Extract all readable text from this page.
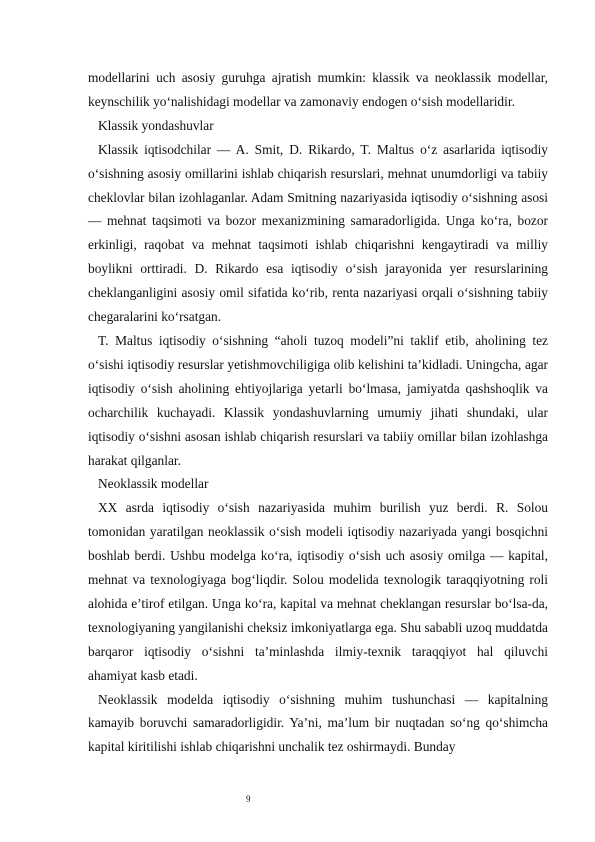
modellarini uch asosiy guruhga ajratish mumkin: klassik va neoklassik modellar, keynschilik yo‘nalishidagi modellar va zamonaviy endogen o‘sish modellaridir.

Klassik yondashuvlar

Klassik iqtisodchilar — A. Smit, D. Rikardo, T. Maltus o‘z asarlarida iqtisodiy o‘sishning asosiy omillarini ishlab chiqarish resurslari, mehnat unumdorligi va tabiiy cheklovlar bilan izohlaganlar. Adam Smitning nazariyasida iqtisodiy o‘sishning asosi — mehnat taqsimoti va bozor mexanizmining samaradorligida. Unga ko‘ra, bozor erkinligi, raqobat va mehnat taqsimoti ishlab chiqarishni kengaytiradi va milliy boylikni orttiradi. D. Rikardo esa iqtisodiy o‘sish jarayonida yer resurslarining cheklanganligini asosiy omil sifatida ko‘rib, renta nazariyasi orqali o‘sishning tabiiy chegaralarini ko‘rsatgan.

T. Maltus iqtisodiy o‘sishning “aholi tuzoq modeli”ni taklif etib, aholining tez o‘sishi iqtisodiy resurslar yetishmovchiligiga olib kelishini ta’kidladi. Uningcha, agar iqtisodiy o‘sish aholining ehtiyojlariga yetarli bo‘lmasa, jamiyatda qashshoqlik va ocharchilik kuchayadi. Klassik yondashuvlarning umumiy jihati shundaki, ular iqtisodiy o‘sishni asosan ishlab chiqarish resurslari va tabiiy omillar bilan izohlashga harakat qilganlar.

Neoklassik modellar

XX asrda iqtisodiy o‘sish nazariyasida muhim burilish yuz berdi. R. Solou tomonidan yaratilgan neoklassik o‘sish modeli iqtisodiy nazariyada yangi bosqichni boshlab berdi. Ushbu modelga ko‘ra, iqtisodiy o‘sish uch asosiy omilga — kapital, mehnat va texnologiyaga bog‘liqdir. Solou modelida texnologik taraqqiyotning roli alohida e’tirof etilgan. Unga ko‘ra, kapital va mehnat cheklangan resurslar bo‘lsa-da, texnologiyaning yangilanishi cheksiz imkoniyatlarga ega. Shu sababli uzoq muddatda barqaror iqtisodiy o‘sishni ta’minlashda ilmiy-texnik taraqqiyot hal qiluvchi ahamiyat kasb etadi.

Neoklassik modelda iqtisodiy o‘sishning muhim tushunchasi — kapitalning kamayib boruvchi samaradorligidir. Ya’ni, ma’lum bir nuqtadan so‘ng qo‘shimcha kapital kiritilishi ishlab chiqarishni unchalik tez oshirmaydi. Bunday

9
